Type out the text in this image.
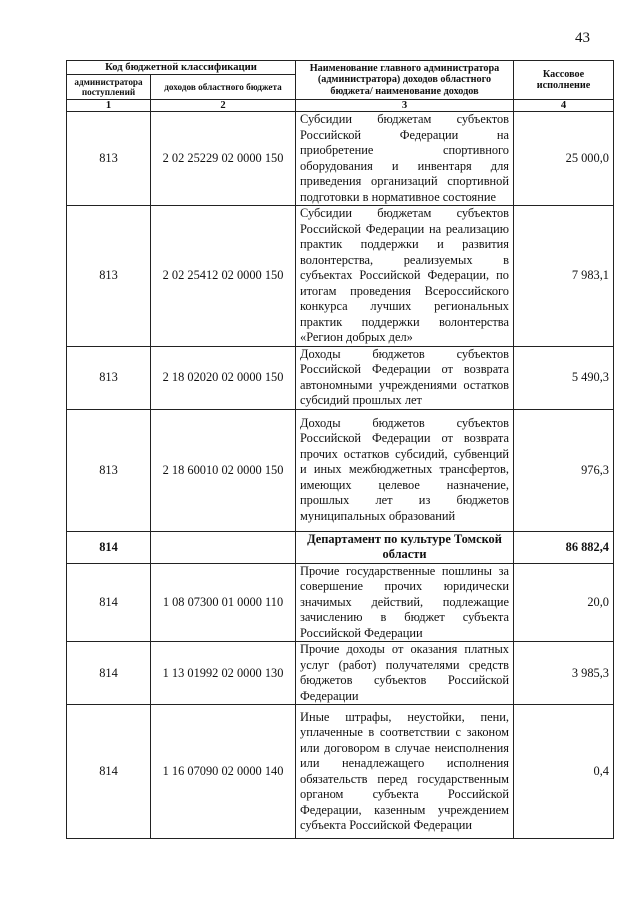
43
Код бюджетной классификации		Наименование главного администратора (администратора) доходов областного бюджета/ наименование доходов	Кассовое исполнение
администратора поступлений	доходов областного бюджета		
1	2	3	4
813	2 02 25229 02 0000 150	Субсидии бюджетам субъектов Российской Федерации на приобретение спортивного оборудования и инвентаря для приведения организаций спортивной подготовки в нормативное состояние	25 000,0
813	2 02 25412 02 0000 150	Субсидии бюджетам субъектов Российской Федерации на реализацию практик поддержки и развития волонтерства, реализуемых в субъектах Российской Федерации, по итогам проведения Всероссийского конкурса лучших региональных практик поддержки волонтерства «Регион добрых дел»	7 983,1
813	2 18 02020 02 0000 150	Доходы бюджетов субъектов Российской Федерации от возврата автономными учреждениями остатков субсидий прошлых лет	5 490,3
813	2 18 60010 02 0000 150	Доходы бюджетов субъектов Российской Федерации от возврата прочих остатков субсидий, субвенций и иных межбюджетных трансфертов, имеющих целевое назначение, прошлых лет из бюджетов муниципальных образований	976,3
814		Департамент по культуре Томской области	86 882,4
814	1 08 07300 01 0000 110	Прочие государственные пошлины за совершение прочих юридически значимых действий, подлежащие зачислению в бюджет субъекта Российской Федерации	20,0
814	1 13 01992 02 0000 130	Прочие доходы от оказания платных услуг (работ) получателями средств бюджетов субъектов Российской Федерации	3 985,3
814	1 16 07090 02 0000 140	Иные штрафы, неустойки, пени, уплаченные в соответствии с законом или договором в случае неисполнения или ненадлежащего исполнения обязательств перед государственным органом субъекта Российской Федерации, казенным учреждением субъекта Российской Федерации	0,4
